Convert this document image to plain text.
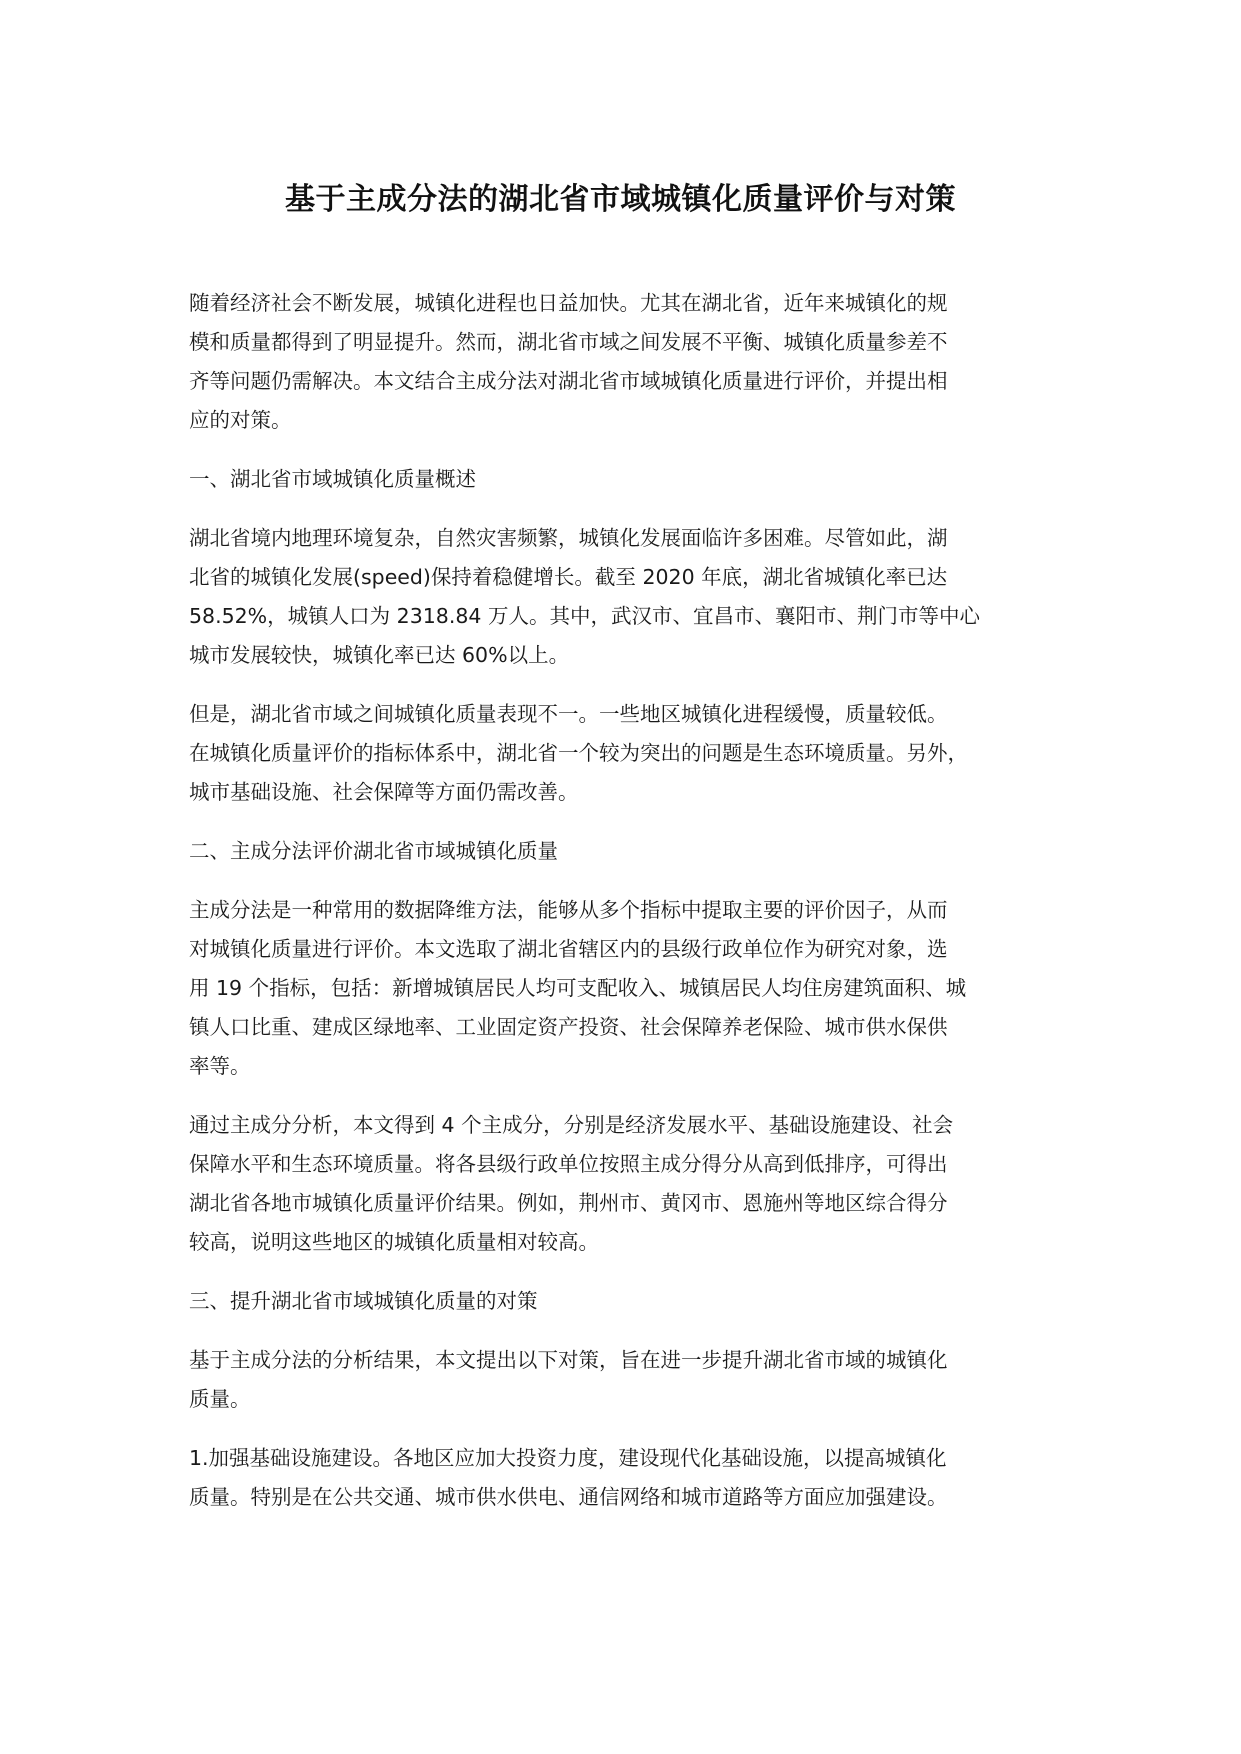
基于主成分法的湖北省市域城镇化质量评价与对策

随着经济社会不断发展，城镇化进程也日益加快。尤其在湖北省，近年来城镇化的规
模和质量都得到了明显提升。然而，湖北省市域之间发展不平衡、城镇化质量参差不
齐等问题仍需解决。本文结合主成分法对湖北省市域城镇化质量进行评价，并提出相
应的对策。

一、湖北省市域城镇化质量概述

湖北省境内地理环境复杂，自然灾害频繁，城镇化发展面临许多困难。尽管如此，湖
北省的城镇化发展(speed)保持着稳健增长。截至 2020 年底，湖北省城镇化率已达
58.52%，城镇人口为 2318.84 万人。其中，武汉市、宜昌市、襄阳市、荆门市等中心
城市发展较快，城镇化率已达 60%以上。

但是，湖北省市域之间城镇化质量表现不一。一些地区城镇化进程缓慢，质量较低。
在城镇化质量评价的指标体系中，湖北省一个较为突出的问题是生态环境质量。另外，
城市基础设施、社会保障等方面仍需改善。

二、主成分法评价湖北省市域城镇化质量

主成分法是一种常用的数据降维方法，能够从多个指标中提取主要的评价因子，从而
对城镇化质量进行评价。本文选取了湖北省辖区内的县级行政单位作为研究对象，选
用 19 个指标，包括：新增城镇居民人均可支配收入、城镇居民人均住房建筑面积、城
镇人口比重、建成区绿地率、工业固定资产投资、社会保障养老保险、城市供水保供
率等。

通过主成分分析，本文得到 4 个主成分，分别是经济发展水平、基础设施建设、社会
保障水平和生态环境质量。将各县级行政单位按照主成分得分从高到低排序，可得出
湖北省各地市城镇化质量评价结果。例如，荆州市、黄冈市、恩施州等地区综合得分
较高，说明这些地区的城镇化质量相对较高。

三、提升湖北省市域城镇化质量的对策

基于主成分法的分析结果，本文提出以下对策，旨在进一步提升湖北省市域的城镇化
质量。

1.加强基础设施建设。各地区应加大投资力度，建设现代化基础设施，以提高城镇化
质量。特别是在公共交通、城市供水供电、通信网络和城市道路等方面应加强建设。
